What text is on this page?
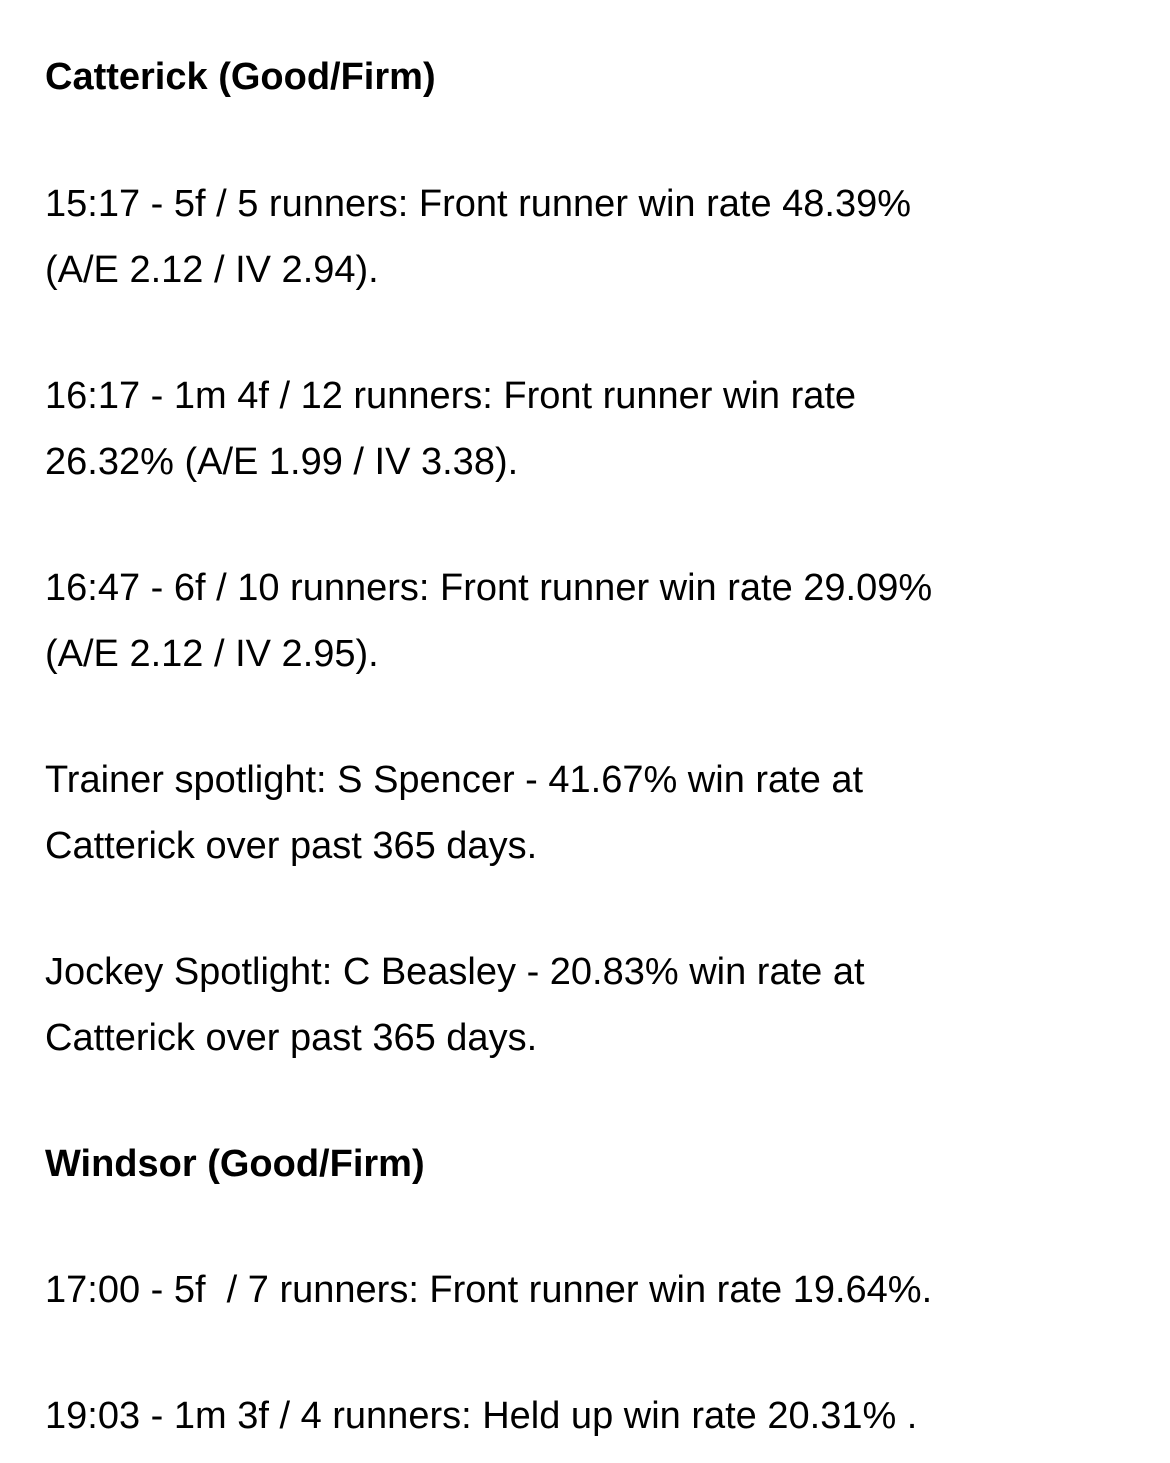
Catterick (Good/Firm)
15:17 - 5f / 5 runners: Front runner win rate 48.39%
(A/E 2.12 / IV 2.94).
16:17 - 1m 4f / 12 runners: Front runner win rate
26.32% (A/E 1.99 / IV 3.38).
16:47 - 6f / 10 runners: Front runner win rate 29.09%
(A/E 2.12 / IV 2.95).
Trainer spotlight: S Spencer - 41.67% win rate at
Catterick over past 365 days.
Jockey Spotlight: C Beasley - 20.83% win rate at
Catterick over past 365 days.
Windsor (Good/Firm)
17:00 - 5f  / 7 runners: Front runner win rate 19.64%.
19:03 - 1m 3f / 4 runners: Held up win rate 20.31% .
